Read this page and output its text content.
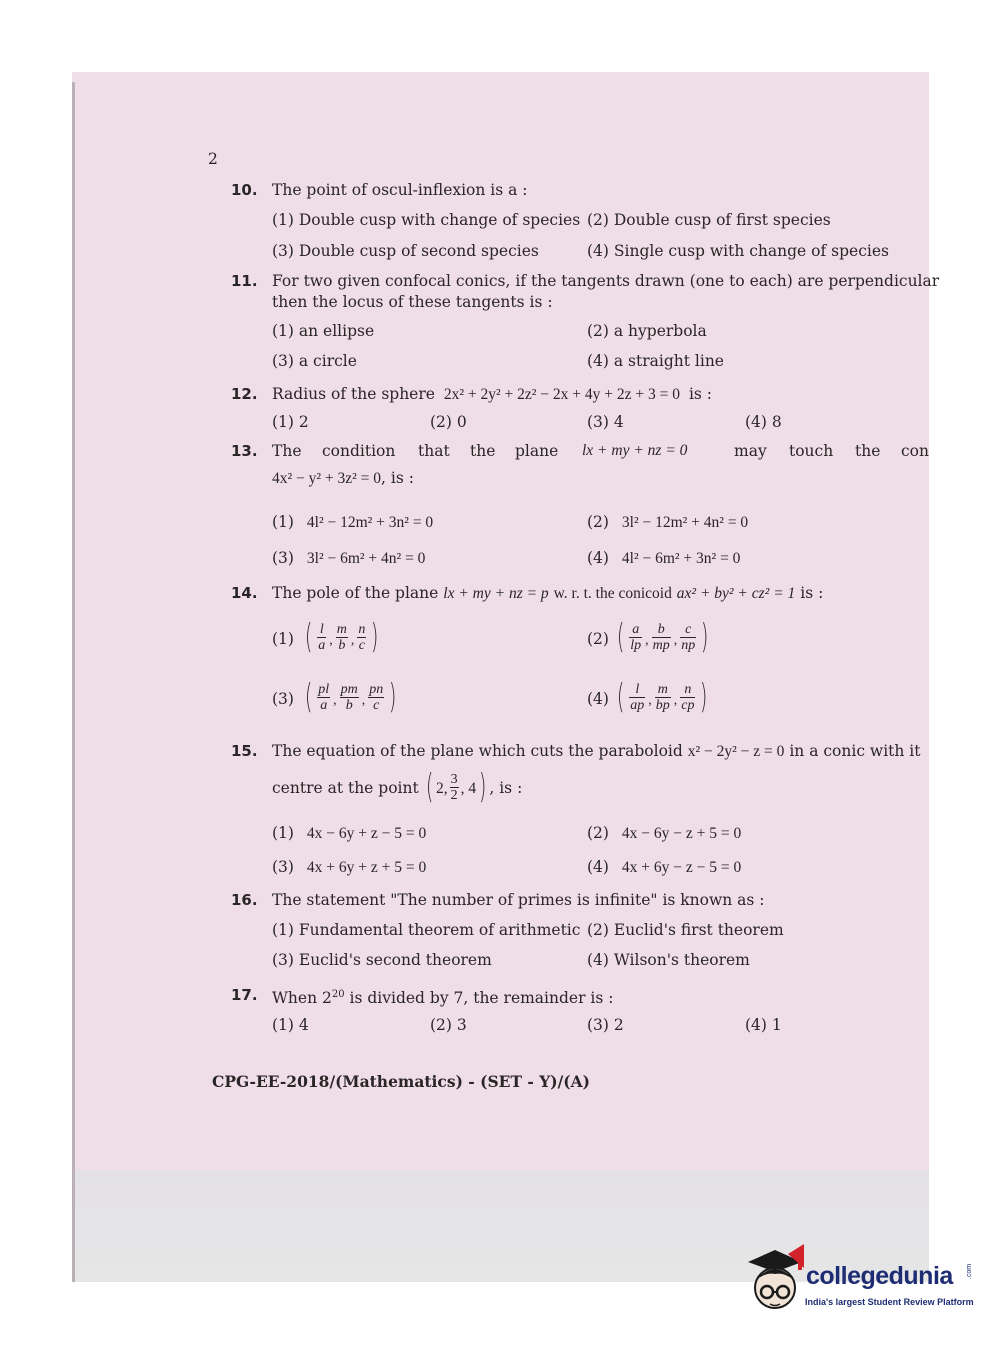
2
10. The point of oscul-inflexion is a :
(1) Double cusp with change of species (2) Double cusp of first species
(3) Double cusp of second species	(4) Single cusp with change of species
11. For two given confocal conics, if the tangents drawn (one to each) are perpendicular
then the locus of these tangents is :
(1) an ellipse	(2) a hyperbola
(3) a circle	(4) a straight line
12. Radius of the sphere 2x² + 2y² + 2z² − 2x + 4y + 2z + 3 = 0 is :
(1) 2	(2) 0	(3) 4	(4) 8
13. The condition that the plane lx + my + nz = 0	may touch the con
4x² − y² + 3z² = 0, is :
(1) 4l² − 12m² + 3n² = 0	(2) 3l² − 12m² + 4n² = 0
(3) 3l² − 6m² + 4n² = 0	(4) 4l² − 6m² + 3n² = 0
14. The pole of the plane lx + my + nz = p w. r. t. the conicoid ax² + by² + cz² = 1 is :
(1) ( $\frac{l}{a}$ , $\frac{m}{b}$ , $\frac{n}{c}$ )	(2) ( $\frac{a}{lp}$ , $\frac{b}{mp}$ , $\frac{c}{np}$ )
(3) ( $\frac{pl}{a}$ , $\frac{pm}{b}$ , $\frac{pn}{c}$ )	(4) ( $\frac{l}{ap}$ , $\frac{m}{bp}$ , $\frac{n}{cp}$ )
15. The equation of the plane which cuts the paraboloid x² − 2y² − z = 0 in a conic with it
centre at the point ( 2, $\frac{3}{2}$ , 4 ) , is :
(1) 4x − 6y + z − 5 = 0	(2) 4x − 6y − z + 5 = 0
(3) 4x + 6y + z + 5 = 0	(4) 4x + 6y − z − 5 = 0
16. The statement "The number of primes is infinite" is known as :
(1) Fundamental theorem of arithmetic (2) Euclid's first theorem
(3) Euclid's second theorem	(4) Wilson's theorem
17. When $2^{20}$ is divided by 7, the remainder is :
(1) 4	(2) 3	(3) 2	(4) 1
CPG-EE-2018/(Mathematics) - (SET - Y)/(A)
collegedunia .com
India's largest Student Review Platform
